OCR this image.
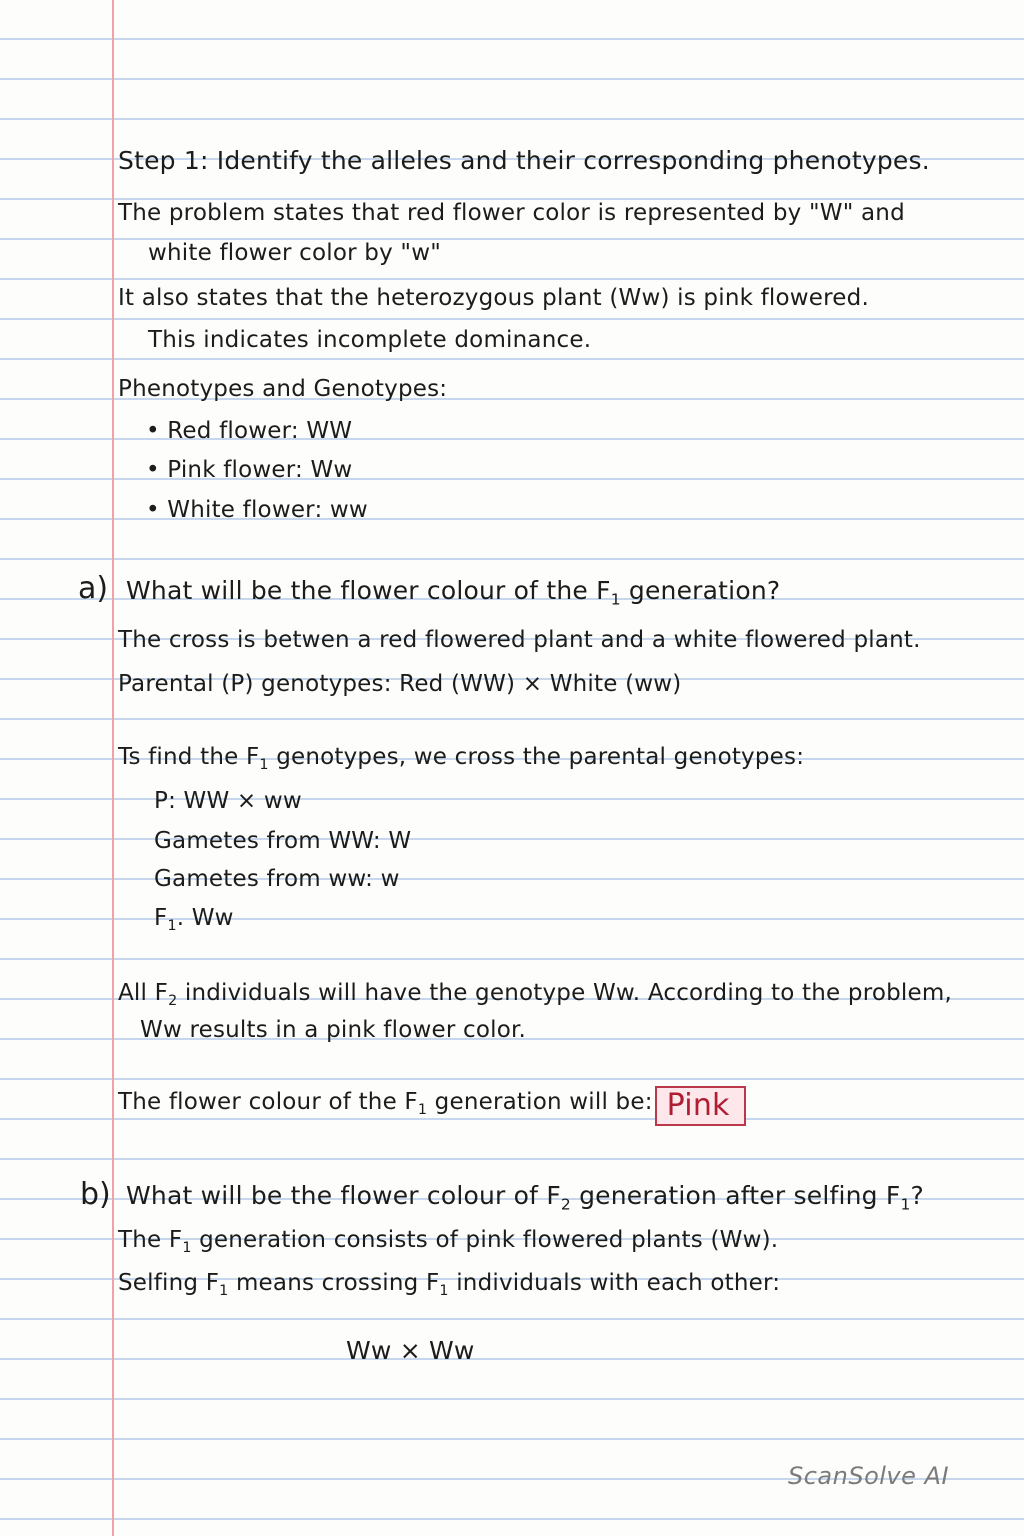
Step 1: Identify the alleles and their corresponding phenotypes.
The problem states that red flower color is represented by "W" and
white flower color by "w"
It also states that the heterozygous plant (Ww) is pink flowered.
This indicates incomplete dominance.
Phenotypes and Genotypes:
• Red flower: WW
• Pink flower: Ww
• White flower: ww
a) What will be the flower colour of the $F_1$ generation?
The cross is betwen a red flowered plant and a white flowered plant.
Parental (P) genotypes: Red (WW) × White (ww)
Ts find the $F_1$ genotypes, we cross the parental genotypes:
P: WW × ww
Gametes from WW: W
Gametes from ww: w
$F_1$. Ww
All $F_2$ individuals will have the genotype Ww. According to the problem,
Ww results in a pink flower color.
The flower colour of the $F_1$ generation will be: Pink
b) What will be the flower colour of $F_2$ generation after selfing $F_1$?
The $F_1$ generation consists of pink flowered plants (Ww).
Selfing $F_1$ means crossing $F_1$ individuals with each other:
Ww × Ww
ScanSolve AI
